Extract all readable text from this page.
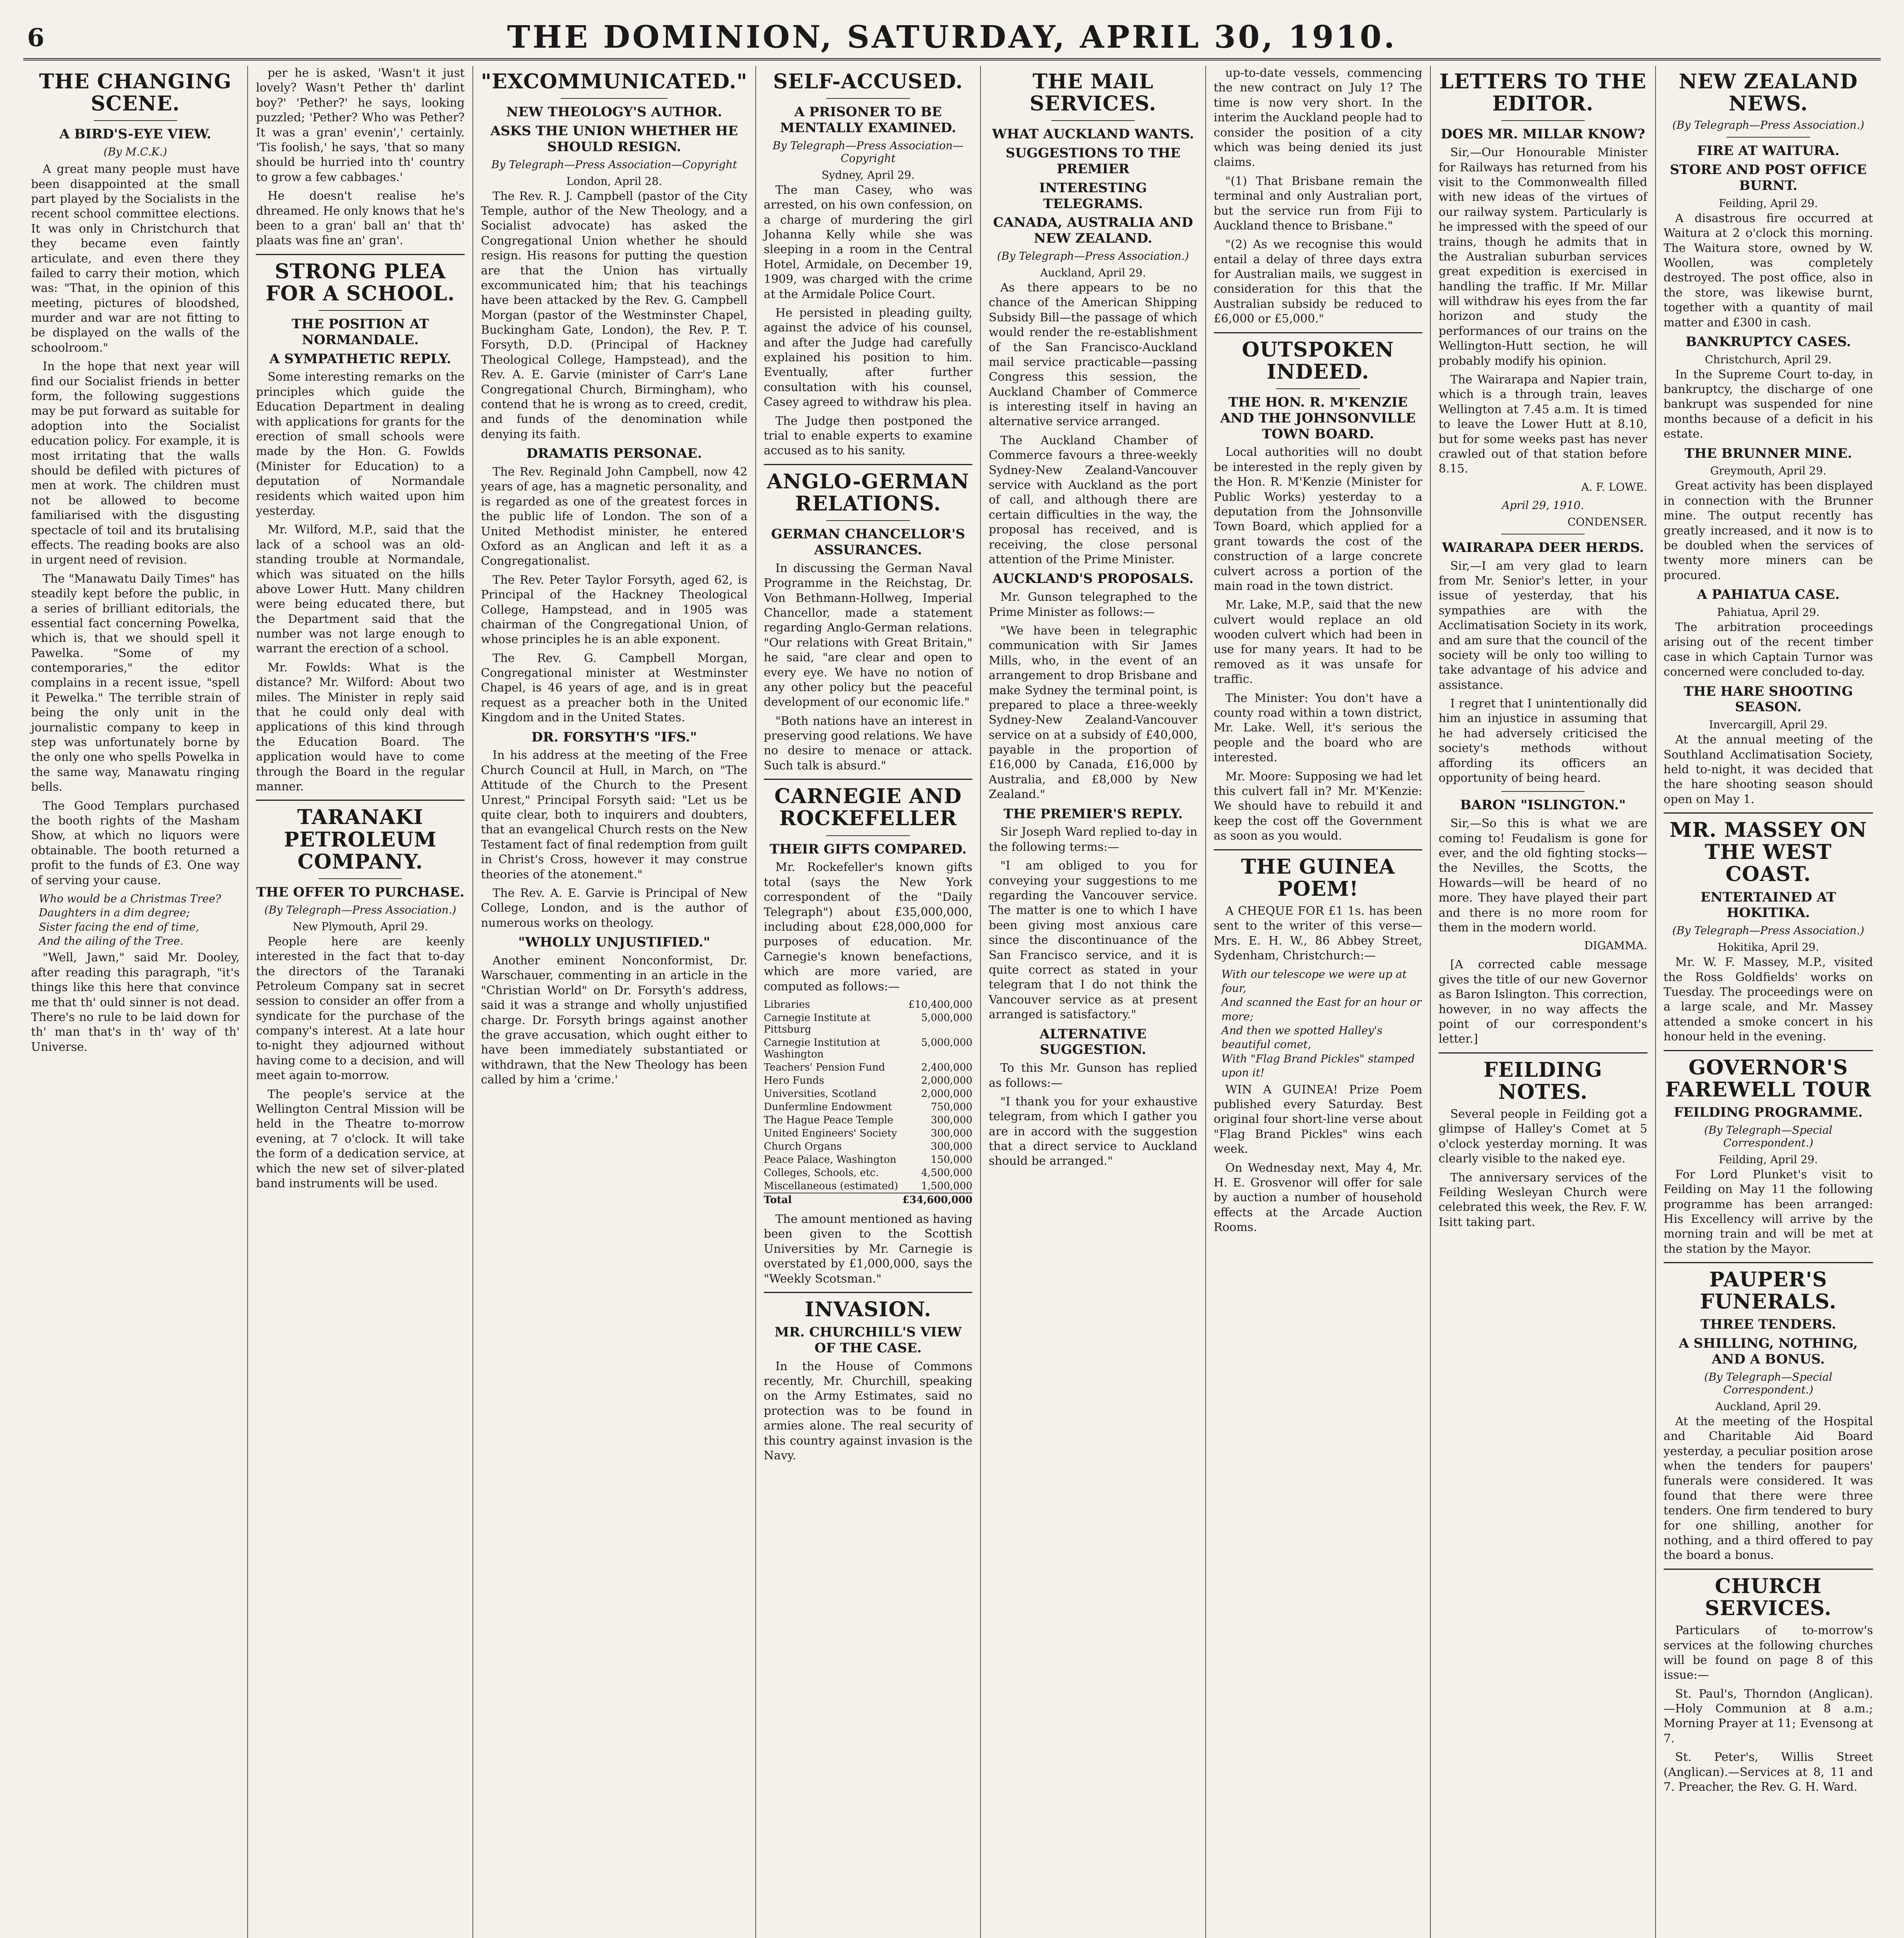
6	THE DOMINION, SATURDAY, APRIL 30, 1910.
THE CHANGING SCENE.
A BIRD'S-EYE VIEW.
(By M.C.K.)

A great many people must have been disappointed at the small part played by the Socialists in the recent school committee elections. It was only in Christchurch that they became even faintly articulate, and even there they failed to carry their motion, which was: "That, in the opinion of this meeting, pictures of bloodshed, murder and war are not fitting to be displayed on the walls of the schoolroom."

In the hope that next year will find our Socialist friends in better form, the following suggestions may be put forward as suitable for adoption into the Socialist education policy. For example, it is most irritating that the walls should be defiled with pictures of men at work. The children must not be allowed to become familiarised with the disgusting spectacle of toil and its brutalising effects. The reading books are also in urgent need of revision.

The "Manawatu Daily Times" has steadily kept before the public, in a series of brilliant editorials, the essential fact concerning Powelka, which is, that we should spell it Pawelka. "Some of my contemporaries," the editor complains in a recent issue, "spell it Pewelka." The terrible strain of being the only unit in the journalistic company to keep in step was unfortunately borne by the only one who spells Powelka in the same way, Manawatu ringing bells.

The Good Templars purchased the booth rights of the Masham Show, at which no liquors were obtainable. The booth returned a profit to the funds of £3. One way of serving your cause.

Who would be a Christmas Tree?
Daughters in a dim degree;
Sister facing the end of time,
And the ailing of the Tree.

"Well, Jawn," said Mr. Dooley, after reading this paragraph, "it's things like this here that convince me that th' ould sinner is not dead. There's no rule to be laid down for th' man that's in th' way of th' Universe.

per he is asked, 'Wasn't it just lovely? Wasn't Pether th' darlint boy?' 'Pether?' he says, looking puzzled; 'Pether? Who was Pether? It was a gran' evenin',' certainly. 'Tis foolish,' he says, 'that so many should be hurried into th' country to grow a few cabbages.'

He doesn't realise he's dhreamed. He only knows that he's been to a gran' ball an' that th' plaats was fine an' gran'.

STRONG PLEA FOR A SCHOOL.
THE POSITION AT NORMANDALE.
A SYMPATHETIC REPLY.

Some interesting remarks on the principles which guide the Education Department in dealing with applications for grants for the erection of small schools were made by the Hon. G. Fowlds (Minister for Education) to a deputation of Normandale residents which waited upon him yesterday.

Mr. Wilford, M.P., said that the lack of a school was an old-standing trouble at Normandale, which was situated on the hills above Lower Hutt. Many children were being educated there, but the Department said that the number was not large enough to warrant the erection of a school.

Mr. Fowlds: What is the distance? Mr. Wilford: About two miles. The Minister in reply said that he could only deal with applications of this kind through the Education Board. The application would have to come through the Board in the regular manner.

TARANAKI PETROLEUM COMPANY.
THE OFFER TO PURCHASE.
(By Telegraph—Press Association.)
New Plymouth, April 29.

People here are keenly interested in the fact that to-day the directors of the Taranaki Petroleum Company sat in secret session to consider an offer from a syndicate for the purchase of the company's interest. At a late hour to-night they adjourned without having come to a decision, and will meet again to-morrow.

The people's service at the Wellington Central Mission will be held in the Theatre to-morrow evening, at 7 o'clock. It will take the form of a dedication service, at which the new set of silver-plated band instruments will be used.

"EXCOMMUNICATED."
NEW THEOLOGY'S AUTHOR.
ASKS THE UNION WHETHER HE SHOULD RESIGN.
By Telegraph—Press Association—Copyright
London, April 28.

The Rev. R. J. Campbell (pastor of the City Temple, author of the New Theology, and a Socialist advocate) has asked the Congregational Union whether he should resign. His reasons for putting the question are that the Union has virtually excommunicated him; that his teachings have been attacked by the Rev. G. Campbell Morgan (pastor of the Westminster Chapel, Buckingham Gate, London), the Rev. P. T. Forsyth, D.D. (Principal of Hackney Theological College, Hampstead), and the Rev. A. E. Garvie (minister of Carr's Lane Congregational Church, Birmingham), who contend that he is wrong as to creed, credit, and funds of the denomination while denying its faith.

DRAMATIS PERSONAE.

The Rev. Reginald John Campbell, now 42 years of age, has a magnetic personality, and is regarded as one of the greatest forces in the public life of London. The son of a United Methodist minister, he entered Oxford as an Anglican and left it as a Congregationalist.

The Rev. Peter Taylor Forsyth, aged 62, is Principal of the Hackney Theological College, Hampstead, and in 1905 was chairman of the Congregational Union, of whose principles he is an able exponent.

The Rev. G. Campbell Morgan, Congregational minister at Westminster Chapel, is 46 years of age, and is in great request as a preacher both in the United Kingdom and in the United States.

DR. FORSYTH'S "IFS."

In his address at the meeting of the Free Church Council at Hull, in March, on "The Attitude of the Church to the Present Unrest," Principal Forsyth said: "Let us be quite clear, both to inquirers and doubters, that an evangelical Church rests on the New Testament fact of final redemption from guilt in Christ's Cross, however it may construe theories of the atonement."

The Rev. A. E. Garvie is Principal of New College, London, and is the author of numerous works on theology.

"WHOLLY UNJUSTIFIED."

Another eminent Nonconformist, Dr. Warschauer, commenting in an article in the "Christian World" on Dr. Forsyth's address, said it was a strange and wholly unjustified charge. Dr. Forsyth brings against another the grave accusation, which ought either to have been immediately substantiated or withdrawn, that the New Theology has been called by him a 'crime.'

SELF-ACCUSED.
A PRISONER TO BE MENTALLY EXAMINED.
By Telegraph—Press Association—Copyright
Sydney, April 29.

The man Casey, who was arrested, on his own confession, on a charge of murdering the girl Johanna Kelly while she was sleeping in a room in the Central Hotel, Armidale, on December 19, 1909, was charged with the crime at the Armidale Police Court.

He persisted in pleading guilty, against the advice of his counsel, and after the Judge had carefully explained his position to him. Eventually, after further consultation with his counsel, Casey agreed to withdraw his plea.

The Judge then postponed the trial to enable experts to examine accused as to his sanity.

ANGLO-GERMAN RELATIONS.
GERMAN CHANCELLOR'S ASSURANCES.

In discussing the German Naval Programme in the Reichstag, Dr. Von Bethmann-Hollweg, Imperial Chancellor, made a statement regarding Anglo-German relations. "Our relations with Great Britain," he said, "are clear and open to every eye. We have no notion of any other policy but the peaceful development of our economic life."

"Both nations have an interest in preserving good relations. We have no desire to menace or attack. Such talk is absurd."

CARNEGIE AND ROCKEFELLER
THEIR GIFTS COMPARED.

Mr. Rockefeller's known gifts total (says the New York correspondent of the "Daily Telegraph") about £35,000,000, including about £28,000,000 for purposes of education. Mr. Carnegie's known benefactions, which are more varied, are computed as follows:—

Libraries	£10,400,000
Carnegie Institute at Pittsburg	5,000,000
Carnegie Institution at Washington	5,000,000
Teachers' Pension Fund	2,400,000
Hero Funds	2,000,000
Universities, Scotland	2,000,000
Dunfermline Endowment	750,000
The Hague Peace Temple	300,000
United Engineers' Society	300,000
Church Organs	300,000
Peace Palace, Washington	150,000
Colleges, Schools, etc.	4,500,000
Miscellaneous (estimated)	1,500,000
Total	£34,600,000

The amount mentioned as having been given to the Scottish Universities by Mr. Carnegie is overstated by £1,000,000, says the "Weekly Scotsman."

INVASION.
MR. CHURCHILL'S VIEW OF THE CASE.

In the House of Commons recently, Mr. Churchill, speaking on the Army Estimates, said no protection was to be found in armies alone. The real security of this country against invasion is the Navy.

THE MAIL SERVICES.
WHAT AUCKLAND WANTS.
SUGGESTIONS TO THE PREMIER
INTERESTING TELEGRAMS.
CANADA, AUSTRALIA AND NEW ZEALAND.
(By Telegraph—Press Association.)
Auckland, April 29.

As there appears to be no chance of the American Shipping Subsidy Bill—the passage of which would render the re-establishment of the San Francisco-Auckland mail service practicable—passing Congress this session, the Auckland Chamber of Commerce is interesting itself in having an alternative service arranged.

The Auckland Chamber of Commerce favours a three-weekly Sydney-New Zealand-Vancouver service with Auckland as the port of call, and although there are certain difficulties in the way, the proposal has received, and is receiving, the close personal attention of the Prime Minister.

AUCKLAND'S PROPOSALS.

Mr. Gunson telegraphed to the Prime Minister as follows:—

"We have been in telegraphic communication with Sir James Mills, who, in the event of an arrangement to drop Brisbane and make Sydney the terminal point, is prepared to place a three-weekly Sydney-New Zealand-Vancouver service on at a subsidy of £40,000, payable in the proportion of £16,000 by Canada, £16,000 by Australia, and £8,000 by New Zealand."

THE PREMIER'S REPLY.

Sir Joseph Ward replied to-day in the following terms:—

"I am obliged to you for conveying your suggestions to me regarding the Vancouver service. The matter is one to which I have been giving most anxious care since the discontinuance of the San Francisco service, and it is quite correct as stated in your telegram that I do not think the Vancouver service as at present arranged is satisfactory."

ALTERNATIVE SUGGESTION.

To this Mr. Gunson has replied as follows:—

"I thank you for your exhaustive telegram, from which I gather you are in accord with the suggestion that a direct service to Auckland should be arranged."

up-to-date vessels, commencing the new contract on July 1? The time is now very short. In the interim the Auckland people had to consider the position of a city which was being denied its just claims.

"(1) That Brisbane remain the terminal and only Australian port, but the service run from Fiji to Auckland thence to Brisbane."

"(2) As we recognise this would entail a delay of three days extra for Australian mails, we suggest in consideration for this that the Australian subsidy be reduced to £6,000 or £5,000."

OUTSPOKEN INDEED.
THE HON. R. M'KENZIE AND THE JOHNSONVILLE TOWN BOARD.

Local authorities will no doubt be interested in the reply given by the Hon. R. M'Kenzie (Minister for Public Works) yesterday to a deputation from the Johnsonville Town Board, which applied for a grant towards the cost of the construction of a large concrete culvert across a portion of the main road in the town district.

Mr. Lake, M.P., said that the new culvert would replace an old wooden culvert which had been in use for many years. It had to be removed as it was unsafe for traffic.

The Minister: You don't have a county road within a town district, Mr. Lake. Well, it's serious the people and the board who are interested.

Mr. Moore: Supposing we had let this culvert fall in? Mr. M'Kenzie: We should have to rebuild it and keep the cost off the Government as soon as you would.

THE GUINEA POEM!

A CHEQUE FOR £1 1s. has been sent to the writer of this verse—Mrs. E. H. W., 86 Abbey Street, Sydenham, Christchurch:—

With our telescope we were up at four,
And scanned the East for an hour or more;
And then we spotted Halley's beautiful comet,
With "Flag Brand Pickles" stamped upon it!

WIN A GUINEA! Prize Poem published every Saturday. Best original four short-line verse about "Flag Brand Pickles" wins each week.

On Wednesday next, May 4, Mr. H. E. Grosvenor will offer for sale by auction a number of household effects at the Arcade Auction Rooms.

LETTERS TO THE EDITOR.
DOES MR. MILLAR KNOW?

Sir,—Our Honourable Minister for Railways has returned from his visit to the Commonwealth filled with new ideas of the virtues of our railway system. Particularly is he impressed with the speed of our trains, though he admits that in the Australian suburban services great expedition is exercised in handling the traffic. If Mr. Millar will withdraw his eyes from the far horizon and study the performances of our trains on the Wellington-Hutt section, he will probably modify his opinion.

The Wairarapa and Napier train, which is a through train, leaves Wellington at 7.45 a.m. It is timed to leave the Lower Hutt at 8.10, but for some weeks past has never crawled out of that station before 8.15.

A. F. LOWE.
April 29, 1910.
CONDENSER.
WAIRARAPA DEER HERDS.

Sir,—I am very glad to learn from Mr. Senior's letter, in your issue of yesterday, that his sympathies are with the Acclimatisation Society in its work, and am sure that the council of the society will be only too willing to take advantage of his advice and assistance.

I regret that I unintentionally did him an injustice in assuming that he had adversely criticised the society's methods without affording its officers an opportunity of being heard.

BARON "ISLINGTON."

Sir,—So this is what we are coming to! Feudalism is gone for ever, and the old fighting stocks—the Nevilles, the Scotts, the Howards—will be heard of no more. They have played their part and there is no more room for them in the modern world.

DIGAMMA.

[A corrected cable message gives the title of our new Governor as Baron Islington. This correction, however, in no way affects the point of our correspondent's letter.]

FEILDING NOTES.

Several people in Feilding got a glimpse of Halley's Comet at 5 o'clock yesterday morning. It was clearly visible to the naked eye.

The anniversary services of the Feilding Wesleyan Church were celebrated this week, the Rev. F. W. Isitt taking part.

NEW ZEALAND NEWS.
(By Telegraph—Press Association.)
FIRE AT WAITURA.
STORE AND POST OFFICE BURNT.
Feilding, April 29.

A disastrous fire occurred at Waitura at 2 o'clock this morning. The Waitura store, owned by W. Woollen, was completely destroyed. The post office, also in the store, was likewise burnt, together with a quantity of mail matter and £300 in cash.

BANKRUPTCY CASES.
Christchurch, April 29.

In the Supreme Court to-day, in bankruptcy, the discharge of one bankrupt was suspended for nine months because of a deficit in his estate.

THE BRUNNER MINE.
Greymouth, April 29.

Great activity has been displayed in connection with the Brunner mine. The output recently has greatly increased, and it now is to be doubled when the services of twenty more miners can be procured.

A PAHIATUA CASE.
Pahiatua, April 29.

The arbitration proceedings arising out of the recent timber case in which Captain Turnor was concerned were concluded to-day.

THE HARE SHOOTING SEASON.
Invercargill, April 29.

At the annual meeting of the Southland Acclimatisation Society, held to-night, it was decided that the hare shooting season should open on May 1.

MR. MASSEY ON THE WEST COAST.
ENTERTAINED AT HOKITIKA.
(By Telegraph—Press Association.)
Hokitika, April 29.

Mr. W. F. Massey, M.P., visited the Ross Goldfields' works on Tuesday. The proceedings were on a large scale, and Mr. Massey attended a smoke concert in his honour held in the evening.

GOVERNOR'S FAREWELL TOUR
FEILDING PROGRAMME.
(By Telegraph—Special Correspondent.)
Feilding, April 29.

For Lord Plunket's visit to Feilding on May 11 the following programme has been arranged: His Excellency will arrive by the morning train and will be met at the station by the Mayor.

PAUPER'S FUNERALS.
THREE TENDERS.
A SHILLING, NOTHING, AND A BONUS.
(By Telegraph—Special Correspondent.)
Auckland, April 29.

At the meeting of the Hospital and Charitable Aid Board yesterday, a peculiar position arose when the tenders for paupers' funerals were considered. It was found that there were three tenders. One firm tendered to bury for one shilling, another for nothing, and a third offered to pay the board a bonus.

CHURCH SERVICES.

Particulars of to-morrow's services at the following churches will be found on page 8 of this issue:—

St. Paul's, Thorndon (Anglican).—Holy Communion at 8 a.m.; Morning Prayer at 11; Evensong at 7.

St. Peter's, Willis Street (Anglican).—Services at 8, 11 and 7. Preacher, the Rev. G. H. Ward.
